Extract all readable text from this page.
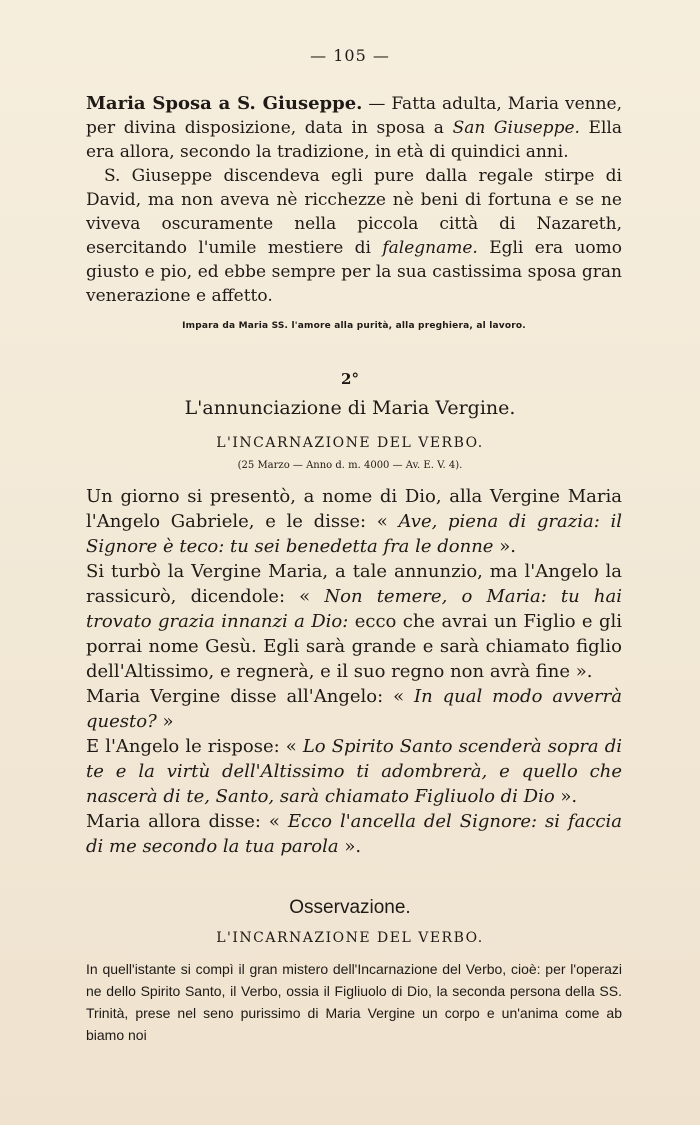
— 105 —

Maria Sposa a S. Giuseppe. — Fatta adulta, Maria venne, per divina disposizione, data in sposa a San Giuseppe. Ella era allora, secondo la tradizione, in età di quindici anni.

S. Giuseppe discendeva egli pure dalla regale stirpe di David, ma non aveva nè ricchezze nè beni di fortuna e se ne viveva oscuramente nella piccola città di Nazareth, esercitando l'umile mestiere di falegname. Egli era uomo giusto e pio, ed ebbe sempre per la sua castissima sposa gran venerazione e affetto.

Impara da Maria SS. l'amore alla purità, alla preghiera, al lavoro.

2°

L'annunciazione di Maria Vergine.

L'INCARNAZIONE DEL VERBO.

(25 Marzo — Anno d. m. 4000 — Av. E. V. 4).

Un giorno si presentò, a nome di Dio, alla Vergine Maria l'Angelo Gabriele, e le disse: « Ave, piena di grazia: il Signore è teco: tu sei benedetta fra le donne ».

Si turbò la Vergine Maria, a tale annunzio, ma l'Angelo la rassicurò, dicendole: « Non temere, o Maria: tu hai trovato grazia innanzi a Dio: ecco che avrai un Figlio e gli porrai nome Gesù. Egli sarà grande e sarà chiamato figlio dell'Altissimo, e regnerà, e il suo regno non avrà fine ».

Maria Vergine disse all'Angelo: « In qual modo avverrà questo? »

E l'Angelo le rispose: « Lo Spirito Santo scenderà sopra di te e la virtù dell'Altissimo ti adombrerà, e quello che nascerà di te, Santo, sarà chiamato Figliuolo di Dio ».

Maria allora disse: « Ecco l'ancella del Signore: si faccia di me secondo la tua parola ».

Osservazione.

L'INCARNAZIONE DEL VERBO.

In quell'istante si compì il gran mistero dell'Incarnazione del Verbo, cioè: per l'operazi ne dello Spirito Santo, il Verbo, ossia il Figliuolo di Dio, la seconda persona della SS. Trinità, prese nel seno purissimo di Maria Vergine un corpo e un'anima come ab biamo noi
